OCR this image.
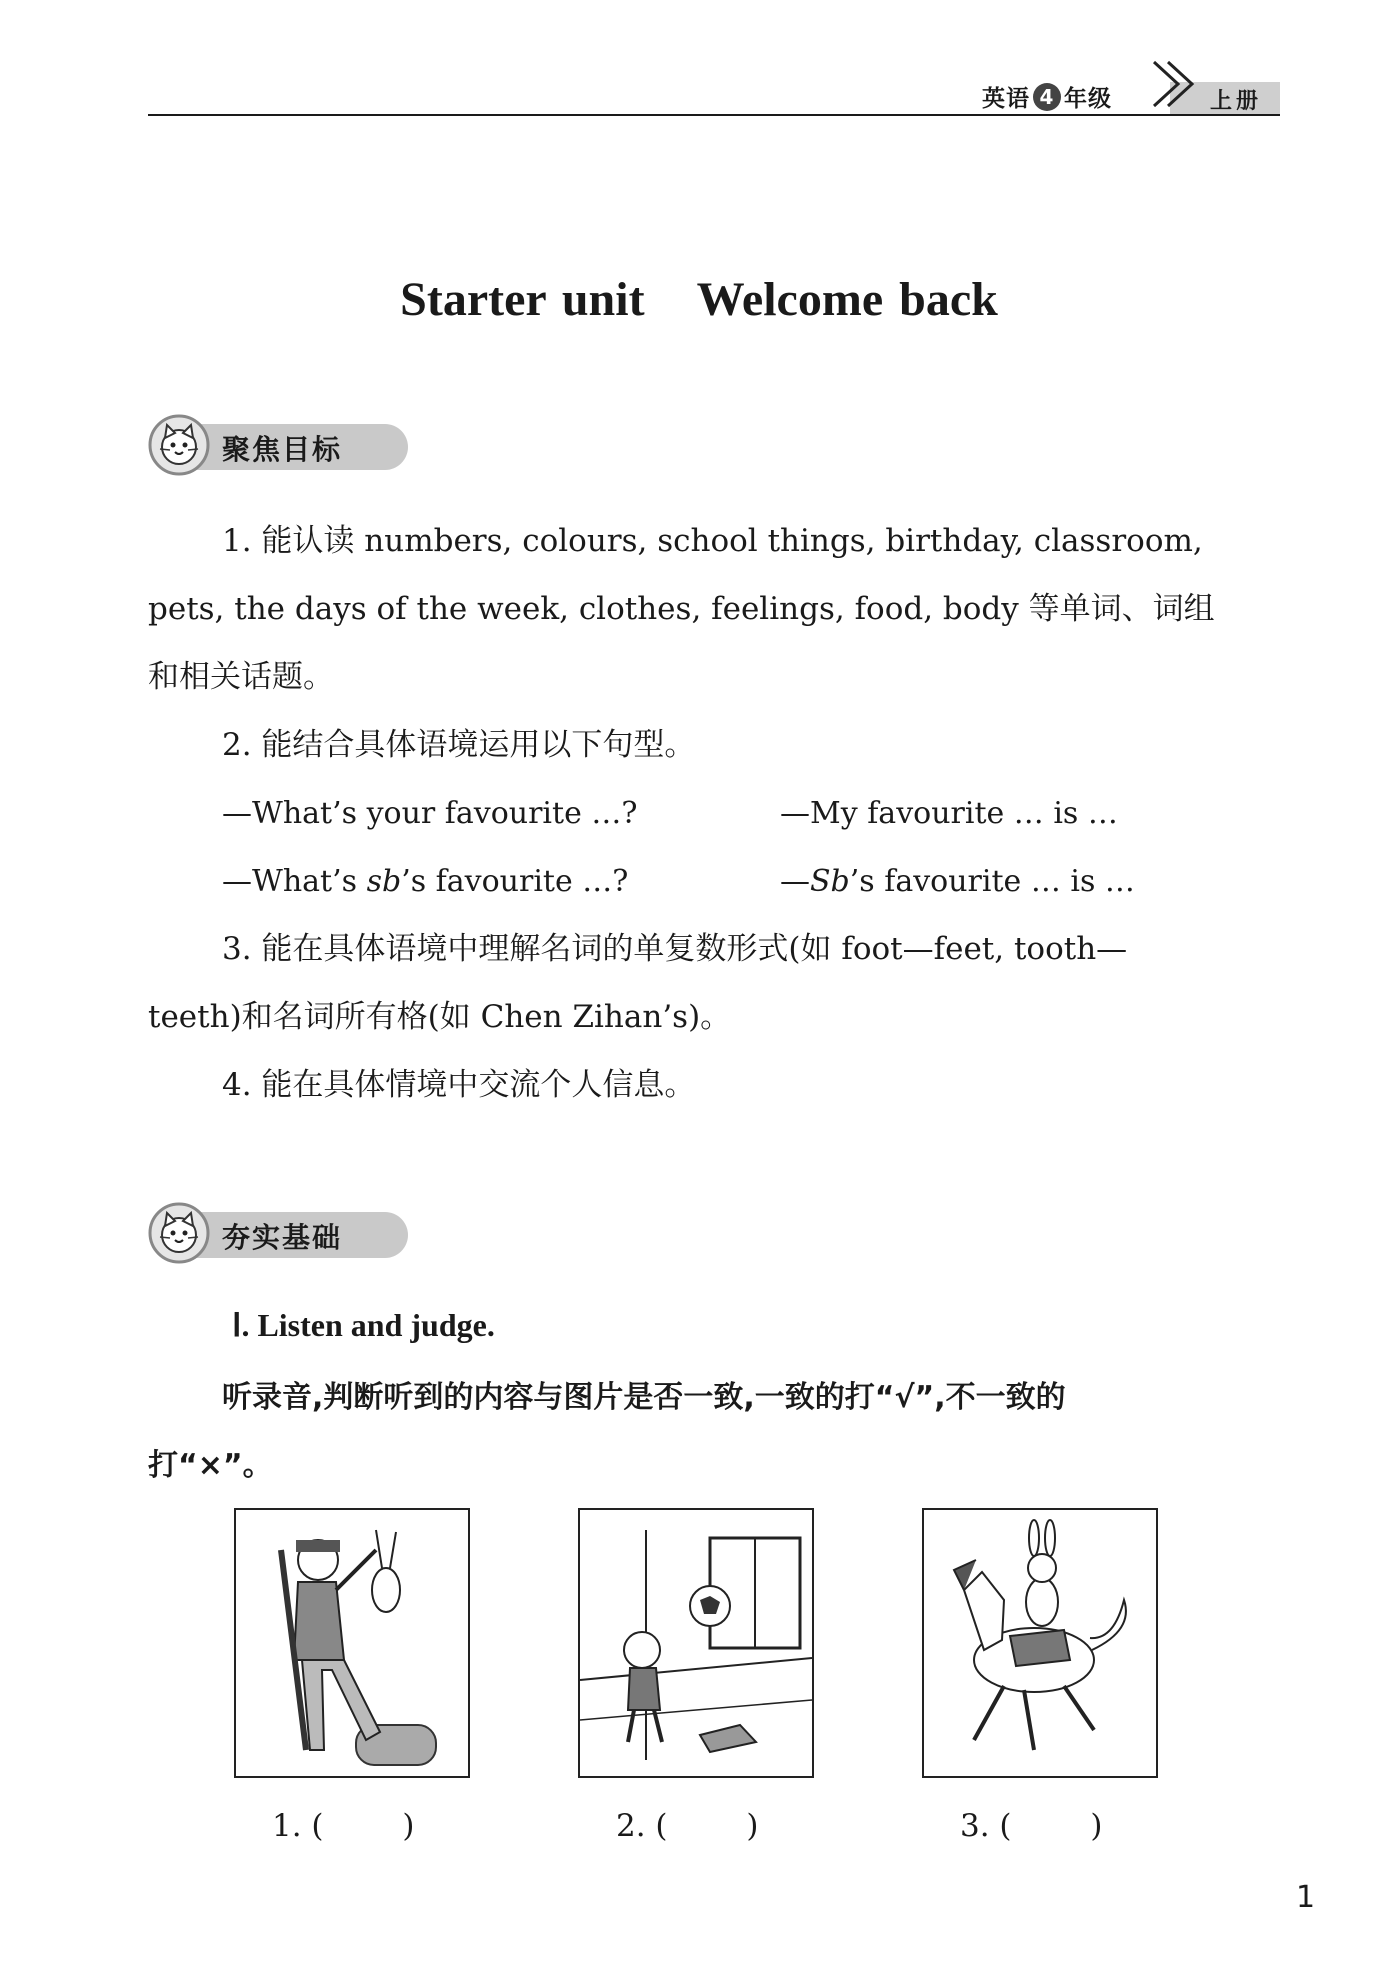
英语 4 年级	上册
Starter unit Welcome back
聚焦目标
1. 能认读 numbers, colours, school things, birthday, classroom,
pets, the days of the week, clothes, feelings, food, body 等单词、词组
和相关话题。
2. 能结合具体语境运用以下句型。
—What’s your favourite …?	—My favourite … is …
—What’s sb’s favourite …?	—Sb’s favourite … is …
3. 能在具体语境中理解名词的单复数形式(如 foot—feet, tooth—
teeth)和名词所有格(如 Chen Zihan’s)。
4. 能在具体情境中交流个人信息。
夯实基础
Ⅰ. Listen and judge.
听录音,判断听到的内容与图片是否一致,一致的打“√”,不一致的
打“×”。
1. (        )	2. (        )	3. (        )
1
